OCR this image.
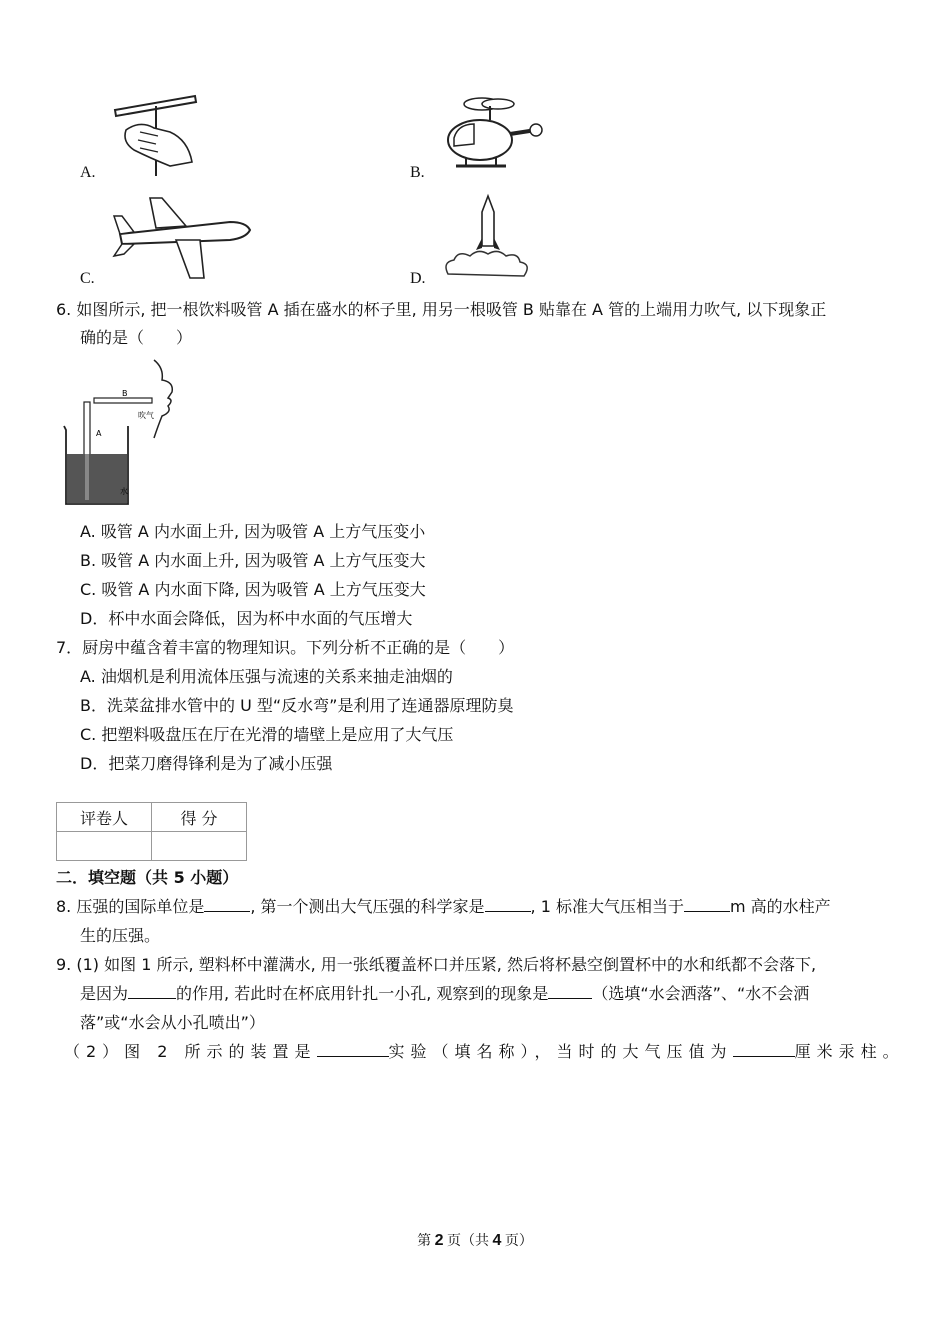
A.	B.
C.	D.
6. 如图所示, 把一根饮料吸管 A 插在盛水的杯子里, 用另一根吸管 B 贴靠在 A 管的上端用力吹气, 以下现象正
确的是（　　）
B
A
吹气
水
A. 吸管 A 内水面上升, 因为吸管 A 上方气压变小
B. 吸管 A 内水面上升, 因为吸管 A 上方气压变大
C. 吸管 A 内水面下降, 因为吸管 A 上方气压变大
D．杯中水面会降低，因为杯中水面的气压增大
7．厨房中蕴含着丰富的物理知识。下列分析不正确的是（　　）
A. 油烟机是利用流体压强与流速的关系来抽走油烟的
B．洗菜盆排水管中的 U 型“反水弯”是利用了连通器原理防臭
C. 把塑料吸盘压在厅在光滑的墙壁上是应用了大气压
D．把菜刀磨得锋利是为了减小压强
评卷人	得 分

二．填空题（共 5 小题）
8. 压强的国际单位是	, 第一个测出大气压强的科学家是	, 1 标准大气压相当于	m 高的水柱产
生的压强。
9. (1) 如图 1 所示, 塑料杯中灌满水, 用一张纸覆盖杯口并压紧, 然后将杯悬空倒置杯中的水和纸都不会落下,
是因为	的作用, 若此时在杯底用针扎一小孔, 观察到的现象是	（选填“水会洒落”、“水不会洒
落”或“水会从小孔喷出”）
（2）图 2 所示的装置是	实验（填名称），当时的大气压值为	厘米汞柱。
第 2 页（共 4 页）
